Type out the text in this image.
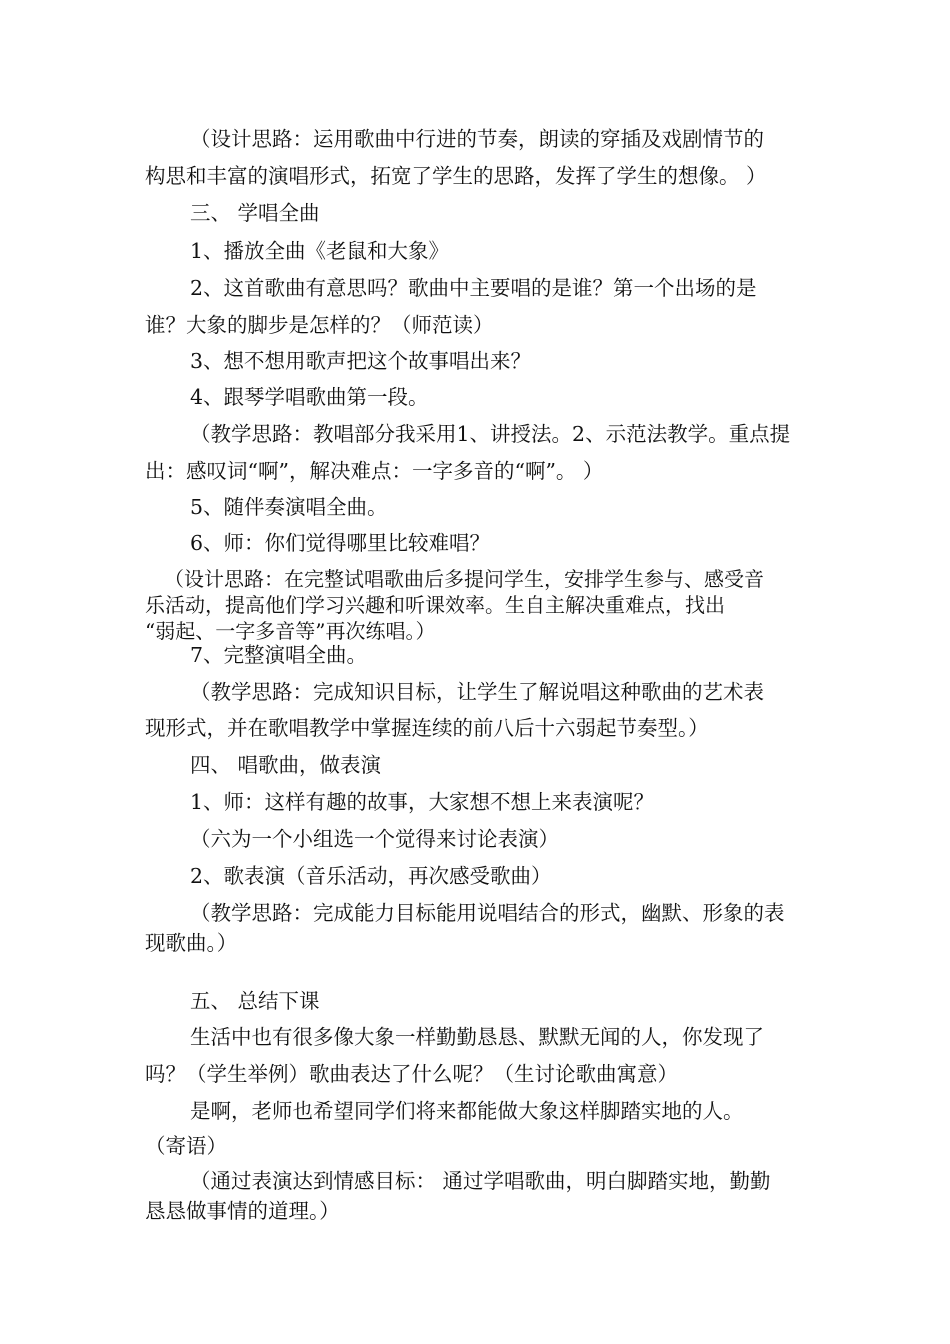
（设计思路：运用歌曲中行进的节奏，朗读的穿插及戏剧情节的
构思和丰富的演唱形式，拓宽了学生的思路，发挥了学生的想像。 ）
三、 学唱全曲
1、播放全曲《老鼠和大象》
2、这首歌曲有意思吗？歌曲中主要唱的是谁？第一个出场的是
谁？大象的脚步是怎样的？（师范读）
3、想不想用歌声把这个故事唱出来？
4、跟琴学唱歌曲第一段。
（教学思路：教唱部分我采用1、讲授法。2、示范法教学。重点提
出：感叹词“啊”，解决难点：一字多音的“啊”。 ）
5、随伴奏演唱全曲。
6、师：你们觉得哪里比较难唱？
（设计思路：在完整试唱歌曲后多提问学生，安排学生参与、感受音
乐活动，提高他们学习兴趣和听课效率。生自主解决重难点，找出
“弱起、一字多音等”再次练唱。）
7、完整演唱全曲。
（教学思路：完成知识目标，让学生了解说唱这种歌曲的艺术表
现形式，并在歌唱教学中掌握连续的前八后十六弱起节奏型。）
四、 唱歌曲，做表演
1、师：这样有趣的故事，大家想不想上来表演呢？
（六为一个小组选一个觉得来讨论表演）
2、歌表演（音乐活动，再次感受歌曲）
（教学思路：完成能力目标能用说唱结合的形式，幽默、形象的表
现歌曲。）
五、 总结下课
生活中也有很多像大象一样勤勤恳恳、默默无闻的人，你发现了
吗？（学生举例）歌曲表达了什么呢？（生讨论歌曲寓意）
是啊，老师也希望同学们将来都能做大象这样脚踏实地的人。
（寄语）
（通过表演达到情感目标： 通过学唱歌曲，明白脚踏实地，勤勤
恳恳做事情的道理。）
